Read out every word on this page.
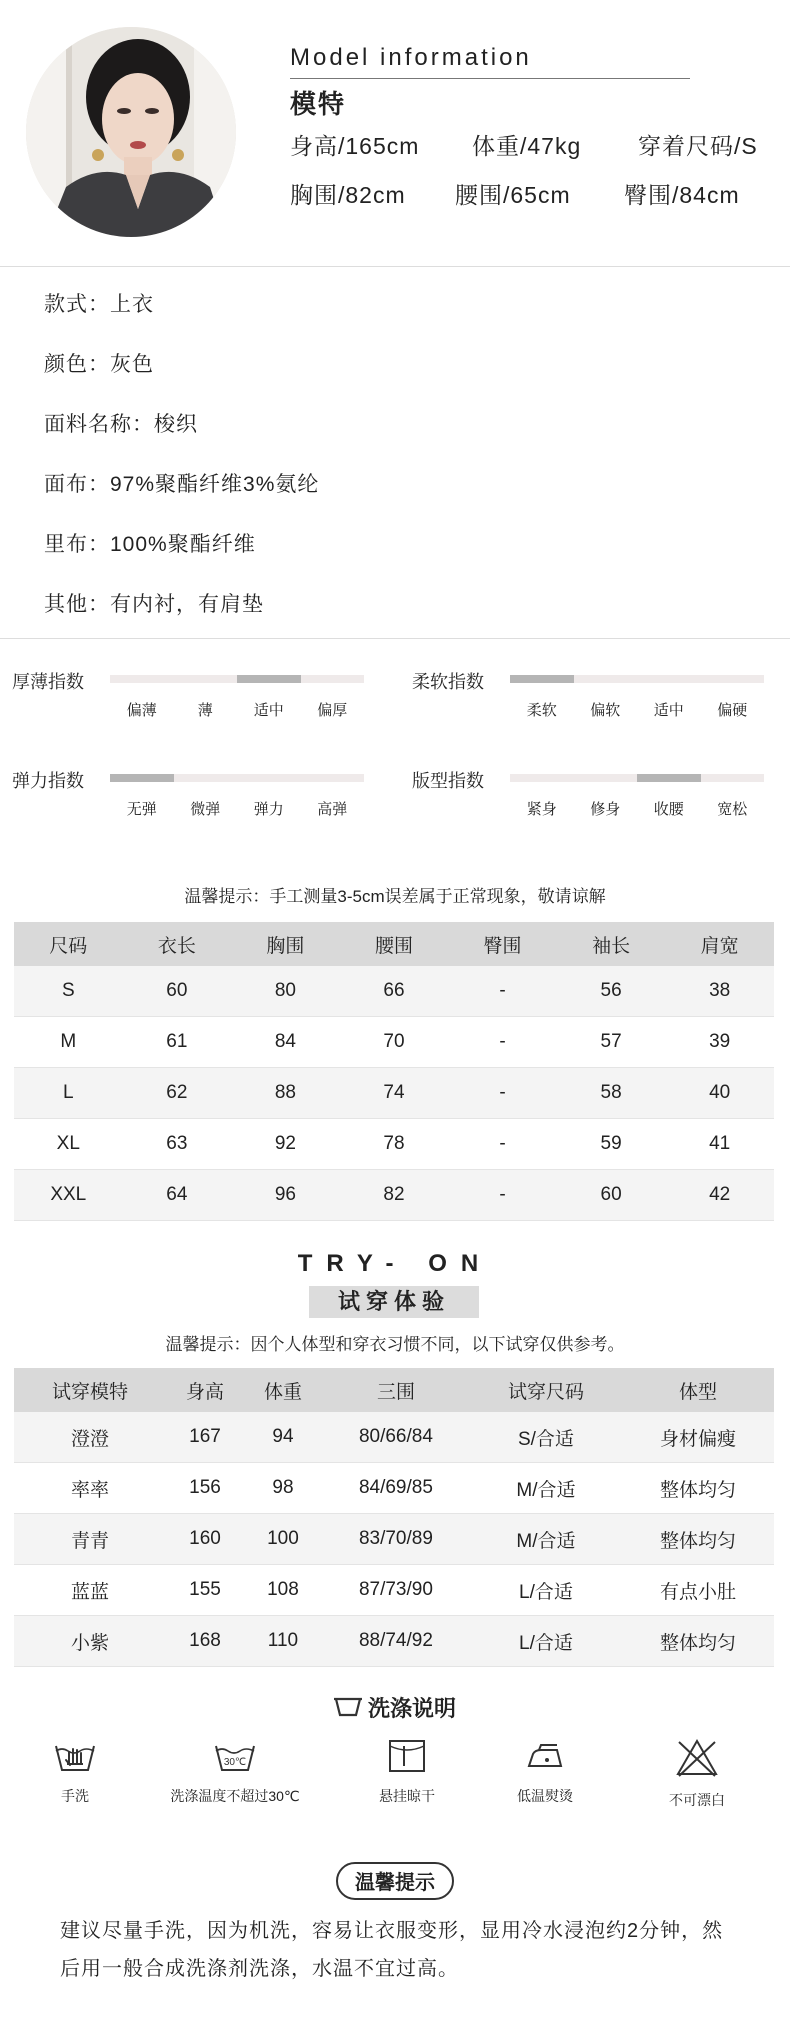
Model information
模特
身高/165cm 体重/47kg 穿着尺码/S
胸围/82cm 腰围/65cm 臀围/84cm
款式：上衣
颜色：灰色
面料名称：梭织
面布：97%聚酯纤维3%氨纶
里布：100%聚酯纤维
其他：有内衬，有肩垫
厚薄指数
偏薄	薄	适中	偏厚
柔软指数
柔软	偏软	适中	偏硬
弹力指数
无弹	微弹	弹力	高弹
版型指数
紧身	修身	收腰	宽松
温馨提示：手工测量3-5cm误差属于正常现象，敬请谅解
尺码	衣长	胸围	腰围	臀围	袖长	肩宽
S	60	80	66	-	56	38
M	61	84	70	-	57	39
L	62	88	74	-	58	40
XL	63	92	78	-	59	41
XXL	64	96	82	-	60	42
TRY- ON
试穿体验
温馨提示：因个人体型和穿衣习惯不同，以下试穿仅供参考。
试穿模特	身高	体重	三围	试穿尺码	体型
澄澄	167	94	80/66/84	S/合适	身材偏瘦
率率	156	98	84/69/85	M/合适	整体均匀
青青	160	100	83/70/89	M/合适	整体均匀
蓝蓝	155	108	87/73/90	L/合适	有点小肚
小紫	168	110	88/74/92	L/合适	整体均匀
洗涤说明
手洗
30℃
洗涤温度不超过30℃	悬挂晾干	低温熨烫	不可漂白
温馨提示
建议尽量手洗，因为机洗，容易让衣服变形，显用冷水浸泡约2分钟，然后用一般合成洗涤剂洗涤，水温不宜过高。
